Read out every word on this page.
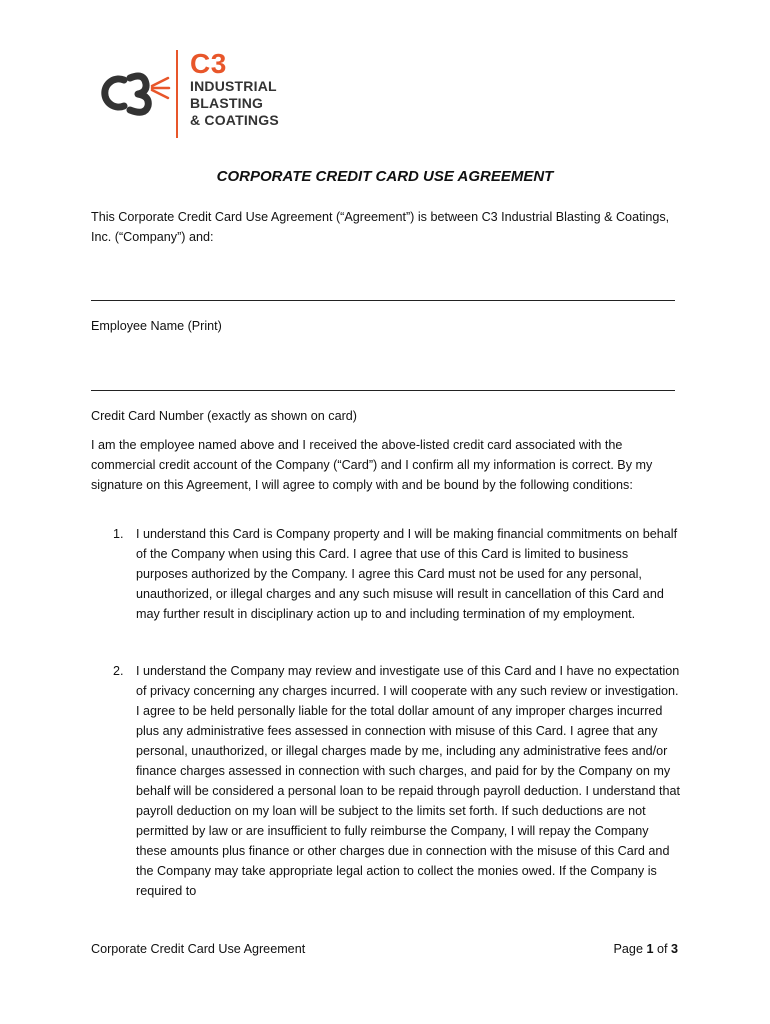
C3
INDUSTRIAL
BLASTING
& COATINGS
CORPORATE CREDIT CARD USE AGREEMENT
This Corporate Credit Card Use Agreement (“Agreement”) is between C3 Industrial Blasting & Coatings, Inc. (“Company”) and:
Employee Name (Print)
Credit Card Number (exactly as shown on card)
I am the employee named above and I received the above-listed credit card associated with the commercial credit account of the Company (“Card”) and I confirm all my information is correct. By my signature on this Agreement, I will agree to comply with and be bound by the following conditions:
1. I understand this Card is Company property and I will be making financial commitments on behalf of the Company when using this Card. I agree that use of this Card is limited to business purposes authorized by the Company. I agree this Card must not be used for any personal, unauthorized, or illegal charges and any such misuse will result in cancellation of this Card and may further result in disciplinary action up to and including termination of my employment.
2. I understand the Company may review and investigate use of this Card and I have no expectation of privacy concerning any charges incurred. I will cooperate with any such review or investigation. I agree to be held personally liable for the total dollar amount of any improper charges incurred plus any administrative fees assessed in connection with misuse of this Card. I agree that any personal, unauthorized, or illegal charges made by me, including any administrative fees and/or finance charges assessed in connection with such charges, and paid for by the Company on my behalf will be considered a personal loan to be repaid through payroll deduction. I understand that payroll deduction on my loan will be subject to the limits set forth. If such deductions are not permitted by law or are insufficient to fully reimburse the Company, I will repay the Company these amounts plus finance or other charges due in connection with the misuse of this Card and the Company may take appropriate legal action to collect the monies owed. If the Company is required to
Corporate Credit Card Use Agreement	Page 1 of 3
